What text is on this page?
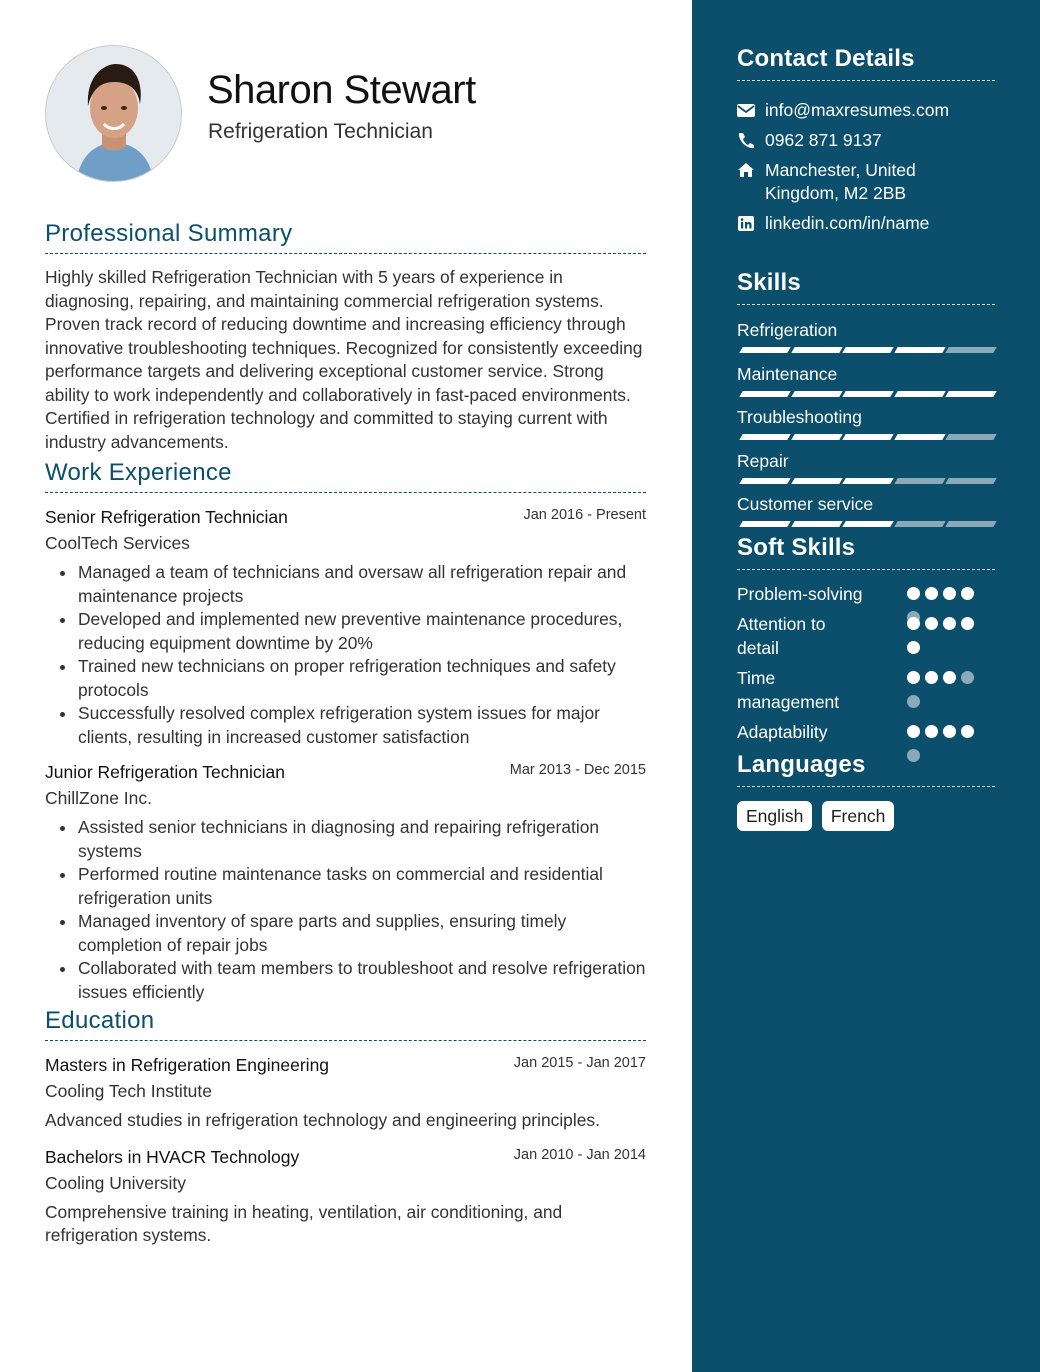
Sharon Stewart
Refrigeration Technician
Professional Summary
Highly skilled Refrigeration Technician with 5 years of experience in diagnosing, repairing, and maintaining commercial refrigeration systems. Proven track record of reducing downtime and increasing efficiency through innovative troubleshooting techniques. Recognized for consistently exceeding performance targets and delivering exceptional customer service. Strong ability to work independently and collaboratively in fast-paced environments. Certified in refrigeration technology and committed to staying current with industry advancements.
Work Experience
Senior Refrigeration Technician	Jan 2016 - Present
CoolTech Services
Managed a team of technicians and oversaw all refrigeration repair and maintenance projects
Developed and implemented new preventive maintenance procedures, reducing equipment downtime by 20%
Trained new technicians on proper refrigeration techniques and safety protocols
Successfully resolved complex refrigeration system issues for major clients, resulting in increased customer satisfaction
Junior Refrigeration Technician	Mar 2013 - Dec 2015
ChillZone Inc.
Assisted senior technicians in diagnosing and repairing refrigeration systems
Performed routine maintenance tasks on commercial and residential refrigeration units
Managed inventory of spare parts and supplies, ensuring timely completion of repair jobs
Collaborated with team members to troubleshoot and resolve refrigeration issues efficiently
Education
Masters in Refrigeration Engineering	Jan 2015 - Jan 2017
Cooling Tech Institute
Advanced studies in refrigeration technology and engineering principles.
Bachelors in HVACR Technology	Jan 2010 - Jan 2014
Cooling University
Comprehensive training in heating, ventilation, air conditioning, and refrigeration systems.
Contact Details
info@maxresumes.com
0962 871 9137
Manchester, United
Kingdom, M2 2BB
linkedin.com/in/name
Skills
Refrigeration
Maintenance
Troubleshooting
Repair
Customer service
Soft Skills
Problem-solving
Attention to detail
Time management
Adaptability
Languages
English French
